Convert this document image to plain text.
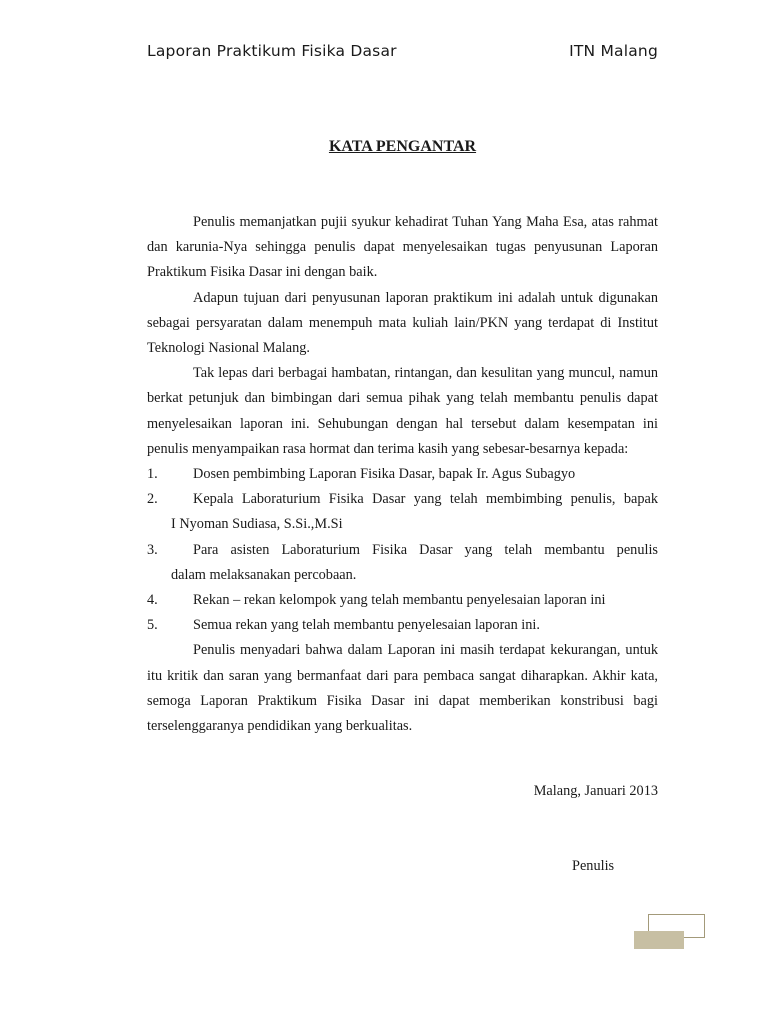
Laporan Praktikum Fisika Dasar	ITN Malang
KATA PENGANTAR

Penulis memanjatkan pujii syukur kehadirat Tuhan Yang Maha Esa, atas rahmat dan karunia-Nya sehingga penulis dapat menyelesaikan tugas penyusunan Laporan Praktikum Fisika Dasar ini dengan baik.

Adapun tujuan dari penyusunan laporan praktikum ini adalah untuk digunakan sebagai persyaratan dalam menempuh mata kuliah lain/PKN yang terdapat di Institut Teknologi Nasional Malang.

Tak lepas dari berbagai hambatan, rintangan, dan kesulitan yang muncul, namun berkat petunjuk dan bimbingan dari semua pihak yang telah membantu penulis dapat menyelesaikan laporan ini. Sehubungan dengan hal tersebut dalam kesempatan ini penulis menyampaikan rasa hormat dan terima kasih yang sebesar-besarnya kepada:

1. Dosen pembimbing Laporan Fisika Dasar, bapak Ir. Agus Subagyo
2. Kepala Laboraturium Fisika Dasar yang telah membimbing penulis, bapak
I Nyoman Sudiasa, S.Si.,M.Si
3. Para asisten Laboraturium Fisika Dasar yang telah membantu penulis
dalam melaksanakan percobaan.
4. Rekan – rekan kelompok yang telah membantu penyelesaian laporan ini
5. Semua rekan yang telah membantu penyelesaian laporan ini.

Penulis menyadari bahwa dalam Laporan ini masih terdapat kekurangan, untuk itu kritik dan saran yang bermanfaat dari para pembaca sangat diharapkan. Akhir kata, semoga Laporan Praktikum Fisika Dasar ini dapat memberikan konstribusi bagi terselenggaranya pendidikan yang berkualitas.

Malang, Januari 2013
Penulis
